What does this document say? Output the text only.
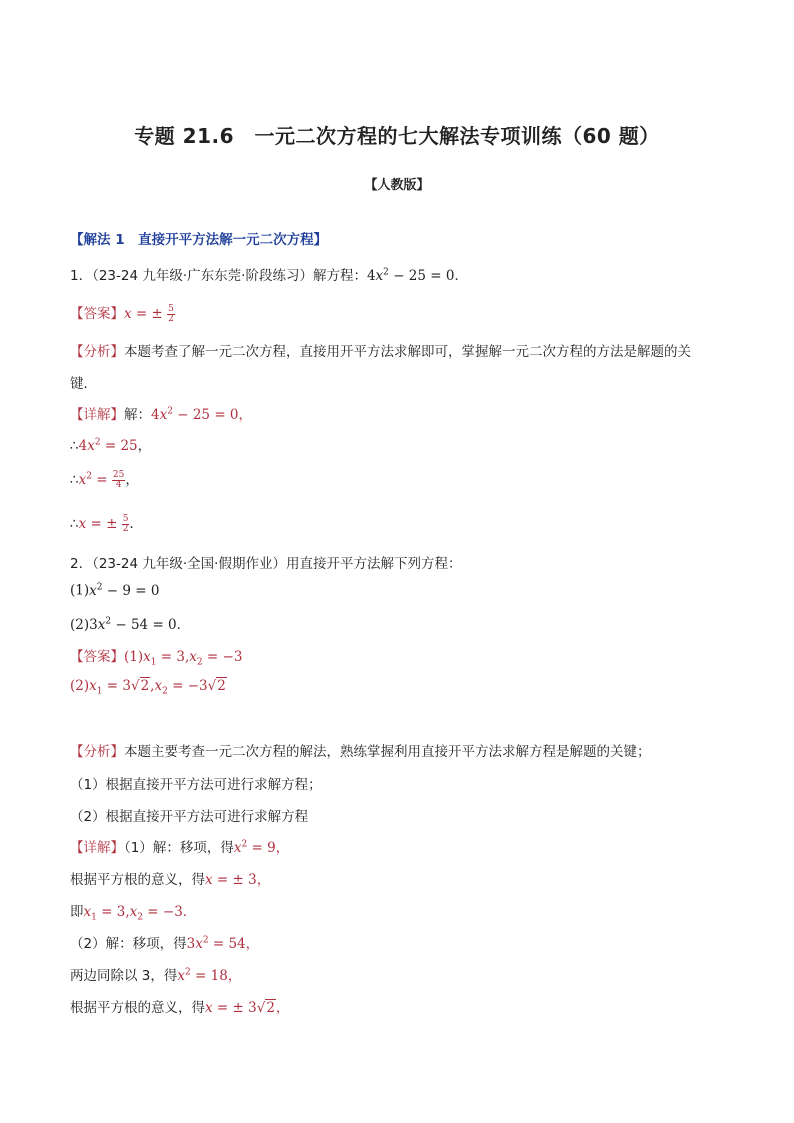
专题 21.6　一元二次方程的七大解法专项训练（60 题）
【人教版】
【解法 1　直接开平方法解一元二次方程】
1．（23-24 九年级·广东东莞·阶段练习）解方程：$4x^2 - 25 = 0$．
【答案】x = ± $\frac{5}{2}$
【分析】本题考查了解一元二次方程，直接用开平方法求解即可，掌握解一元二次方程的方法是解题的关
键．
【详解】解：$4x^2 - 25 = 0$，
$\therefore 4x^2 = 25$，
$\therefore x^2 = \frac{25}{4}$ ，
∴x = ± $\frac{5}{2}$ ．
2．（23-24 九年级·全国·假期作业）用直接开平方法解下列方程：
$(1)x^2 - 9 = 0$
$(2)3x^2 - 54 = 0$．
【答案】$(1)x_1 = 3,x_2 = -3$
$(2)x_1 = 3√2,x_2 = -3√2$
【分析】本题主要考查一元二次方程的解法，熟练掌握利用直接开平方法求解方程是解题的关键；
（1）根据直接开平方法可进行求解方程；
（2）根据直接开平方法可进行求解方程
【详解】（1）解：移项，得$x^2 = 9$，
根据平方根的意义，得x = ± 3，
即$x_1 = 3,x_2 = -3$．
（2）解：移项，得$3x^2 = 54$，
两边同除以 3，得$x^2 = 18$，
根据平方根的意义，得x = ± 3√2，
